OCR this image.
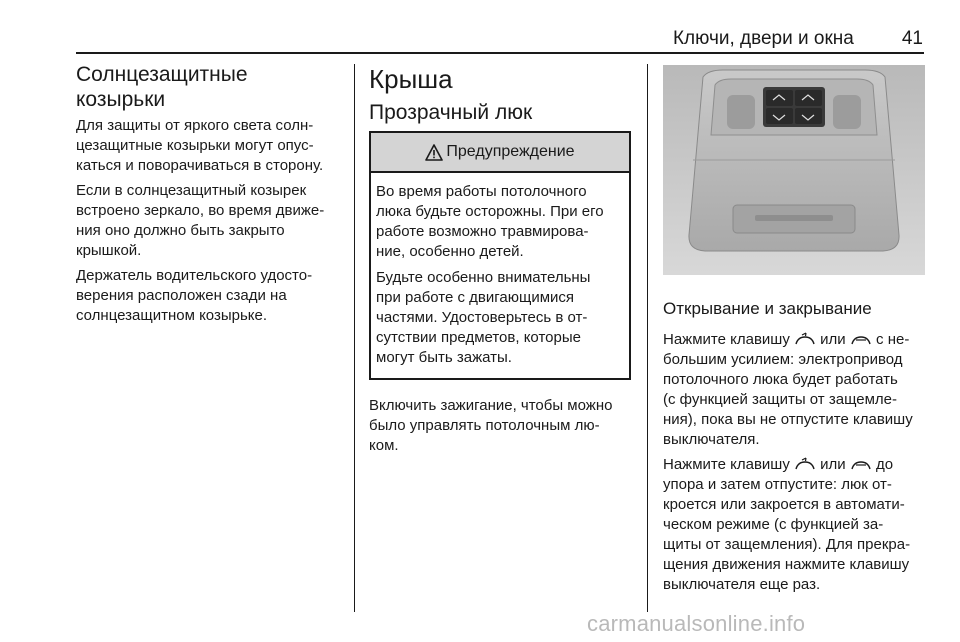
Ключи, двери и окна	41
Солнцезащитные
козырьки

Для защиты от яркого света солн-
цезащитные козырьки могут опус-
каться и поворачиваться в сторону.

Если в солнцезащитный козырек
встроено зеркало, во время движе-
ния оно должно быть закрыто
крышкой.

Держатель водительского удосто-
верения расположен сзади на
солнцезащитном козырьке.

Крыша
Прозрачный люк
Предупреждение

Во время работы потолочного
люка будьте осторожны. При его
работе возможно травмирова-
ние, особенно детей.

Будьте особенно внимательны
при работе с двигающимися
частями. Удостоверьтесь в от-
сутствии предметов, которые
могут быть зажаты.

Включить зажигание, чтобы можно
было управлять потолочным лю-
ком.

Открывание и закрывание

Нажмите клавишу или с не-
большим усилием: электропривод
потолочного люка будет работать
(с функцией защиты от защемле-
ния), пока вы не отпустите клавишу
выключателя.

Нажмите клавишу или до
упора и затем отпустите: люк от-
кроется или закроется в автомати-
ческом режиме (с функцией за-
щиты от защемления). Для прекра-
щения движения нажмите клавишу
выключателя еще раз.

carmanualsonline.info
